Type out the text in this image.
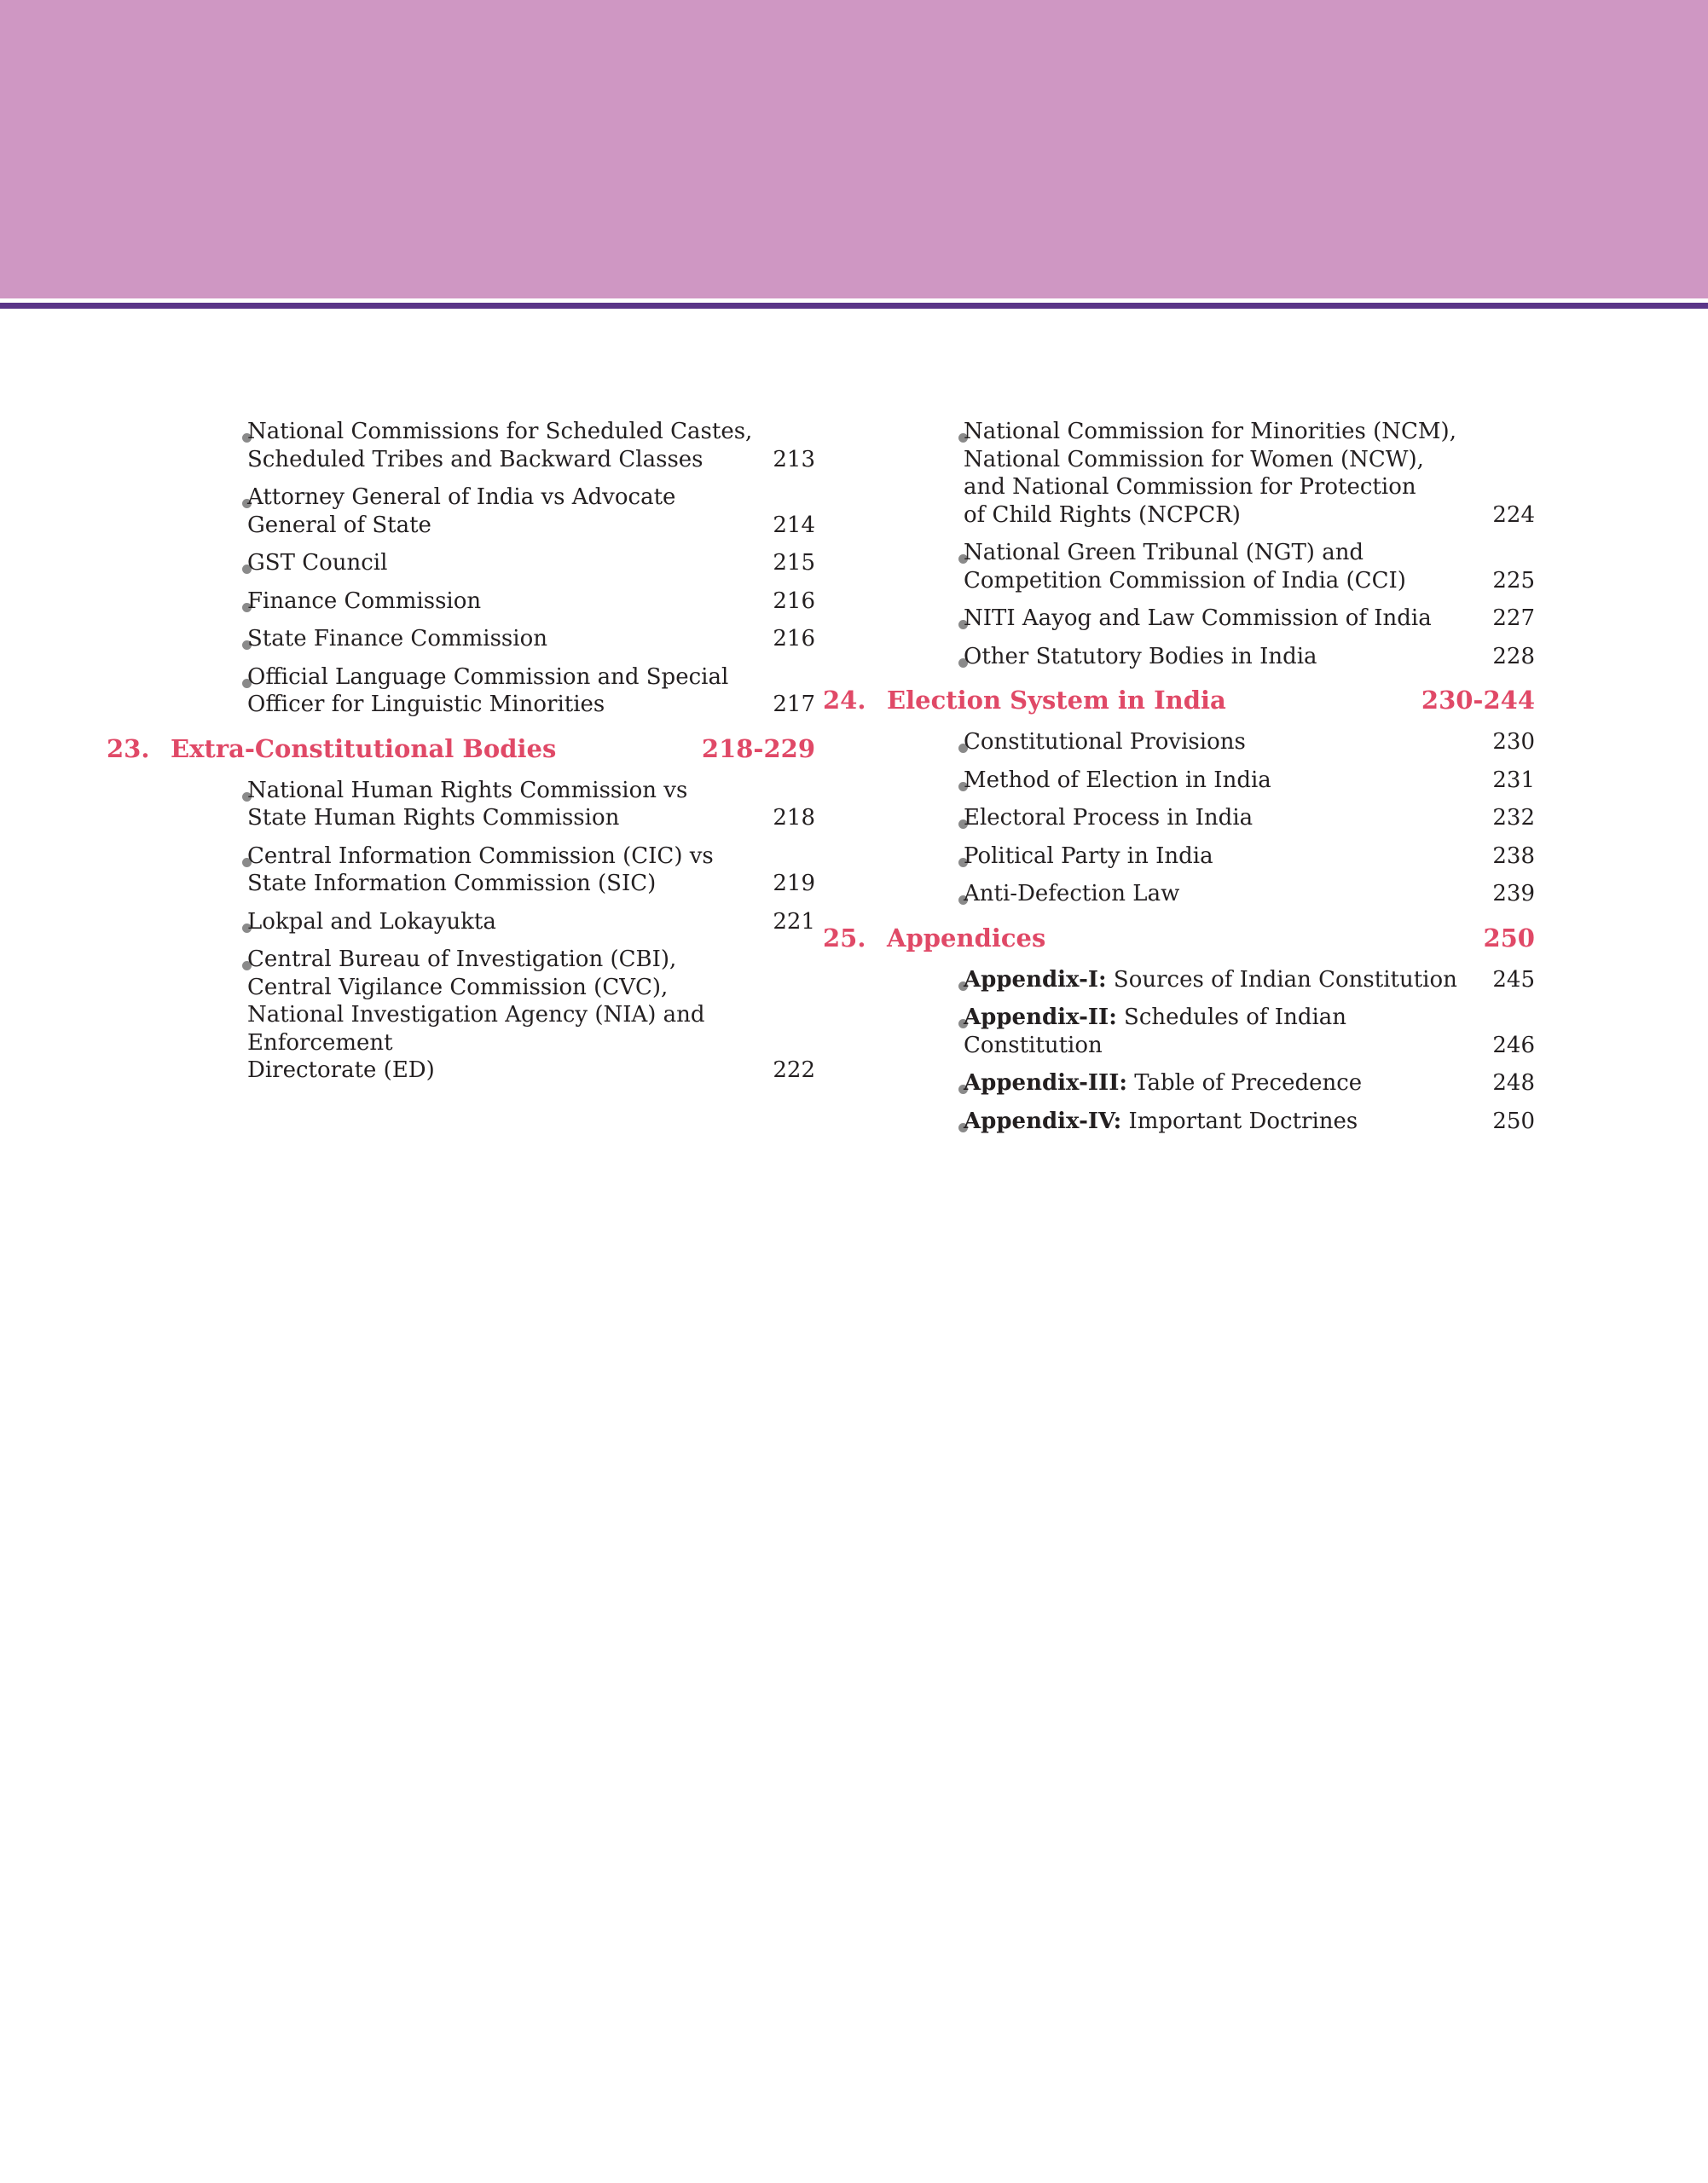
National Commissions for Scheduled Castes,
Scheduled Tribes and Backward Classes	213
Attorney General of India vs Advocate
General of State	214
GST Council	215
Finance Commission	216
State Finance Commission	216
Official Language Commission and Special
Officer for Linguistic Minorities	217
23. Extra-Constitutional Bodies	218-229
National Human Rights Commission vs
State Human Rights Commission	218
Central Information Commission (CIC) vs
State Information Commission (SIC)	219
Lokpal and Lokayukta	221
Central Bureau of Investigation (CBI),
Central Vigilance Commission (CVC),
National Investigation Agency (NIA) and
Enforcement
Directorate (ED)	222
National Commission for Minorities (NCM),
National Commission for Women (NCW),
and National Commission for Protection
of Child Rights (NCPCR)	224
National Green Tribunal (NGT) and
Competition Commission of India (CCI)	225
NITI Aayog and Law Commission of India	227
Other Statutory Bodies in India	228
24. Election System in India	230-244
Constitutional Provisions	230
Method of Election in India	231
Electoral Process in India	232
Political Party in India	238
Anti-Defection Law	239
25. Appendices	250
Appendix-I: Sources of Indian Constitution	245
Appendix-II: Schedules of Indian Constitution	246
Appendix-III: Table of Precedence	248
Appendix-IV: Important Doctrines	250
